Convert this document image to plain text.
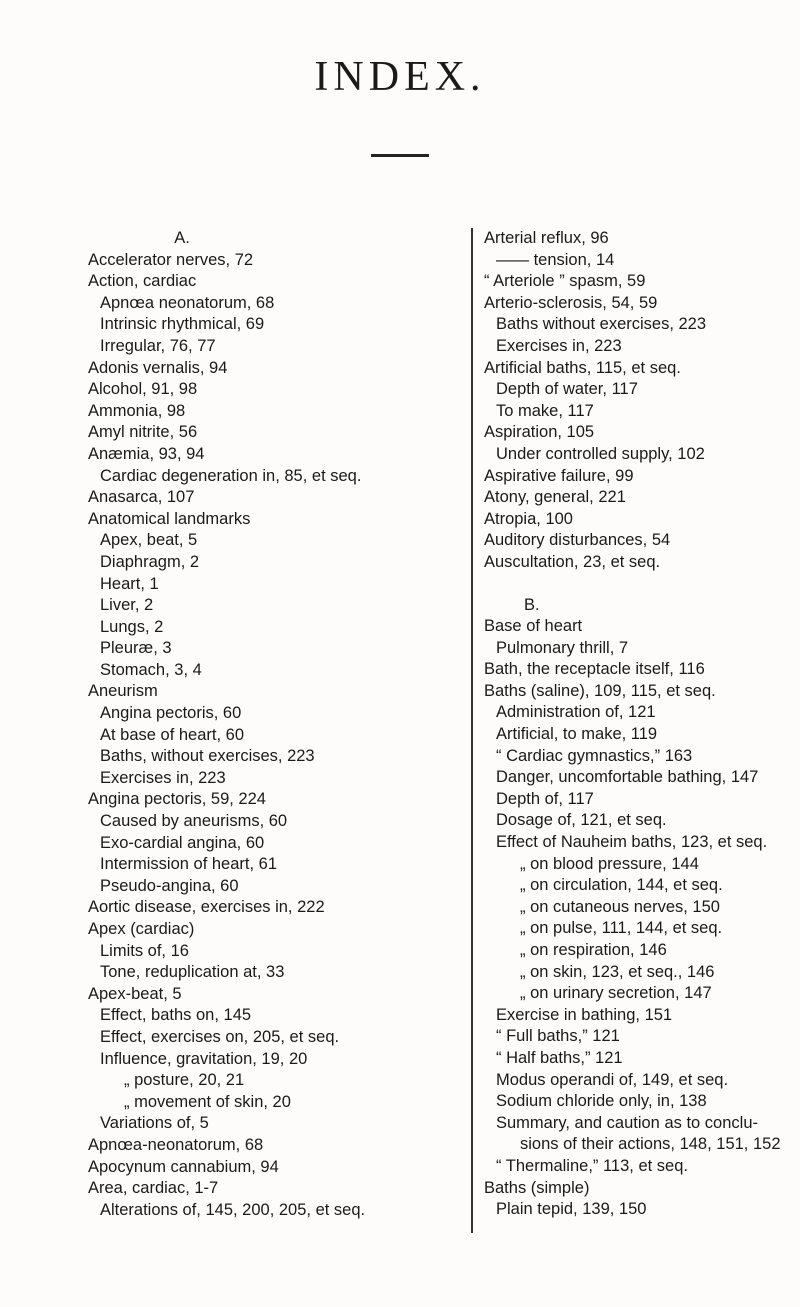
INDEX.
A.
Accelerator nerves, 72
Action, cardiac
Apnœa neonatorum, 68
Intrinsic rhythmical, 69
Irregular, 76, 77
Adonis vernalis, 94
Alcohol, 91, 98
Ammonia, 98
Amyl nitrite, 56
Anæmia, 93, 94
Cardiac degeneration in, 85, et seq.
Anasarca, 107
Anatomical landmarks
Apex, beat, 5
Diaphragm, 2
Heart, 1
Liver, 2
Lungs, 2
Pleuræ, 3
Stomach, 3, 4
Aneurism
Angina pectoris, 60
At base of heart, 60
Baths, without exercises, 223
Exercises in, 223
Angina pectoris, 59, 224
Caused by aneurisms, 60
Exo-cardial angina, 60
Intermission of heart, 61
Pseudo-angina, 60
Aortic disease, exercises in, 222
Apex (cardiac)
Limits of, 16
Tone, reduplication at, 33
Apex-beat, 5
Effect, baths on, 145
Effect, exercises on, 205, et seq.
Influence, gravitation, 19, 20
„ posture, 20, 21
„ movement of skin, 20
Variations of, 5
Apnœa-neonatorum, 68
Apocynum cannabium, 94
Area, cardiac, 1-7
Alterations of, 145, 200, 205, et seq.
Arterial reflux, 96
—— tension, 14
“ Arteriole ” spasm, 59
Arterio-sclerosis, 54, 59
Baths without exercises, 223
Exercises in, 223
Artificial baths, 115, et seq.
Depth of water, 117
To make, 117
Aspiration, 105
Under controlled supply, 102
Aspirative failure, 99
Atony, general, 221
Atropia, 100
Auditory disturbances, 54
Auscultation, 23, et seq.
B.
Base of heart
Pulmonary thrill, 7
Bath, the receptacle itself, 116
Baths (saline), 109, 115, et seq.
Administration of, 121
Artificial, to make, 119
“ Cardiac gymnastics,” 163
Danger, uncomfortable bathing, 147
Depth of, 117
Dosage of, 121, et seq.
Effect of Nauheim baths, 123, et seq.
„ on blood pressure, 144
„ on circulation, 144, et seq.
„ on cutaneous nerves, 150
„ on pulse, 111, 144, et seq.
„ on respiration, 146
„ on skin, 123, et seq., 146
„ on urinary secretion, 147
Exercise in bathing, 151
“ Full baths,” 121
“ Half baths,” 121
Modus operandi of, 149, et seq.
Sodium chloride only, in, 138
Summary, and caution as to conclu-
sions of their actions, 148, 151, 152
“ Thermaline,” 113, et seq.
Baths (simple)
Plain tepid, 139, 150
